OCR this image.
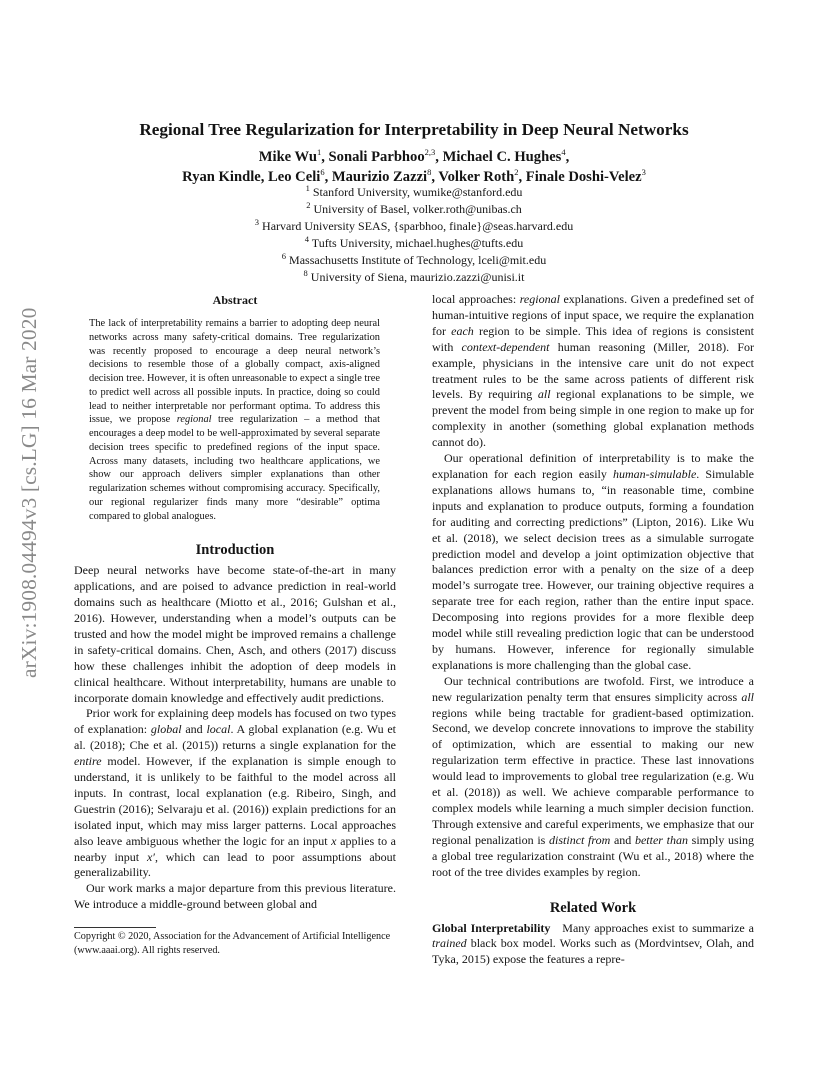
arXiv:1908.04494v3 [cs.LG] 16 Mar 2020
Regional Tree Regularization for Interpretability in Deep Neural Networks
Mike Wu$^1$, Sonali Parbhoo$^{2,3}$, Michael C. Hughes$^4$,
Ryan Kindle, Leo Celi$^6$, Maurizio Zazzi$^8$, Volker Roth$^2$, Finale Doshi-Velez$^3$
$^1$ Stanford University, wumike@stanford.edu
$^2$ University of Basel, volker.roth@unibas.ch
$^3$ Harvard University SEAS, {sparbhoo, finale}@seas.harvard.edu
$^4$ Tufts University, michael.hughes@tufts.edu
$^6$ Massachusetts Institute of Technology, lceli@mit.edu
$^8$ University of Siena, maurizio.zazzi@unisi.it
Abstract
The lack of interpretability remains a barrier to adopting deep neural networks across many safety-critical domains. Tree regularization was recently proposed to encourage a deep neural network’s decisions to resemble those of a globally compact, axis-aligned decision tree. However, it is often unreasonable to expect a single tree to predict well across all possible inputs. In practice, doing so could lead to neither interpretable nor performant optima. To address this issue, we propose regional tree regularization – a method that encourages a deep model to be well-approximated by several separate decision trees specific to predefined regions of the input space. Across many datasets, including two healthcare applications, we show our approach delivers simpler explanations than other regularization schemes without compromising accuracy. Specifically, our regional regularizer finds many more “desirable” optima compared to global analogues.
Introduction

Deep neural networks have become state-of-the-art in many applications, and are poised to advance prediction in real-world domains such as healthcare (Miotto et al., 2016; Gulshan et al., 2016). However, understanding when a model’s outputs can be trusted and how the model might be improved remains a challenge in safety-critical domains. Chen, Asch, and others (2017) discuss how these challenges inhibit the adoption of deep models in clinical healthcare. Without interpretability, humans are unable to incorporate domain knowledge and effectively audit predictions.

Prior work for explaining deep models has focused on two types of explanation: global and local. A global explanation (e.g. Wu et al. (2018); Che et al. (2015)) returns a single explanation for the entire model. However, if the explanation is simple enough to understand, it is unlikely to be faithful to the model across all inputs. In contrast, local explanation (e.g. Ribeiro, Singh, and Guestrin (2016); Selvaraju et al. (2016)) explain predictions for an isolated input, which may miss larger patterns. Local approaches also leave ambiguous whether the logic for an input x applies to a nearby input x′, which can lead to poor assumptions about generalizability.

Our work marks a major departure from this previous literature. We introduce a middle-ground between global and

Copyright © 2020, Association for the Advancement of Artificial Intelligence (www.aaai.org). All rights reserved.

local approaches: regional explanations. Given a predefined set of human-intuitive regions of input space, we require the explanation for each region to be simple. This idea of regions is consistent with context-dependent human reasoning (Miller, 2018). For example, physicians in the intensive care unit do not expect treatment rules to be the same across patients of different risk levels. By requiring all regional explanations to be simple, we prevent the model from being simple in one region to make up for complexity in another (something global explanation methods cannot do).

Our operational definition of interpretability is to make the explanation for each region easily human-simulable. Simulable explanations allows humans to, “in reasonable time, combine inputs and explanation to produce outputs, forming a foundation for auditing and correcting predictions” (Lipton, 2016). Like Wu et al. (2018), we select decision trees as a simulable surrogate prediction model and develop a joint optimization objective that balances prediction error with a penalty on the size of a deep model’s surrogate tree. However, our training objective requires a separate tree for each region, rather than the entire input space. Decomposing into regions provides for a more flexible deep model while still revealing prediction logic that can be understood by humans. However, inference for regionally simulable explanations is more challenging than the global case.

Our technical contributions are twofold. First, we introduce a new regularization penalty term that ensures simplicity across all regions while being tractable for gradient-based optimization. Second, we develop concrete innovations to improve the stability of optimization, which are essential to making our new regularization term effective in practice. These last innovations would lead to improvements to global tree regularization (e.g. Wu et al. (2018)) as well. We achieve comparable performance to complex models while learning a much simpler decision function. Through extensive and careful experiments, we emphasize that our regional penalization is distinct from and better than simply using a global tree regularization constraint (Wu et al., 2018) where the root of the tree divides examples by region.

Related Work

Global Interpretability Many approaches exist to summarize a trained black box model. Works such as (Mordvintsev, Olah, and Tyka, 2015) expose the features a repre-
